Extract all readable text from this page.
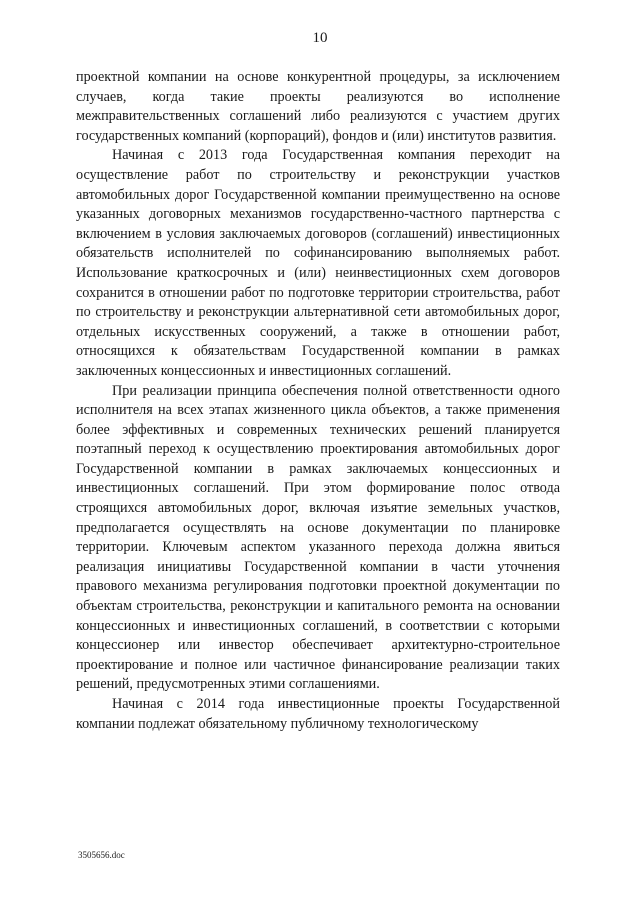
10

проектной компании на основе конкурентной процедуры, за исключением случаев, когда такие проекты реализуются во исполнение межправительственных соглашений либо реализуются с участием других государственных компаний (корпораций), фондов и (или) институтов развития.

Начиная с 2013 года Государственная компания переходит на осуществление работ по строительству и реконструкции участков автомобильных дорог Государственной компании преимущественно на основе указанных договорных механизмов государственно-частного партнерства с включением в условия заключаемых договоров (соглашений) инвестиционных обязательств исполнителей по софинансированию выполняемых работ. Использование краткосрочных и (или) неинвестиционных схем договоров сохранится в отношении работ по подготовке территории строительства, работ по строительству и реконструкции альтернативной сети автомобильных дорог, отдельных искусственных сооружений, а также в отношении работ, относящихся к обязательствам Государственной компании в рамках заключенных концессионных и инвестиционных соглашений.

При реализации принципа обеспечения полной ответственности одного исполнителя на всех этапах жизненного цикла объектов, а также применения более эффективных и современных технических решений планируется поэтапный переход к осуществлению проектирования автомобильных дорог Государственной компании в рамках заключаемых концессионных и инвестиционных соглашений. При этом формирование полос отвода строящихся автомобильных дорог, включая изъятие земельных участков, предполагается осуществлять на основе документации по планировке территории. Ключевым аспектом указанного перехода должна явиться реализация инициативы Государственной компании в части уточнения правового механизма регулирования подготовки проектной документации по объектам строительства, реконструкции и капитального ремонта на основании концессионных и инвестиционных соглашений, в соответствии с которыми концессионер или инвестор обеспечивает архитектурно-строительное проектирование и полное или частичное финансирование реализации таких решений, предусмотренных этими соглашениями.

Начиная с 2014 года инвестиционные проекты Государственной компании подлежат обязательному публичному технологическому

3505656.doc
